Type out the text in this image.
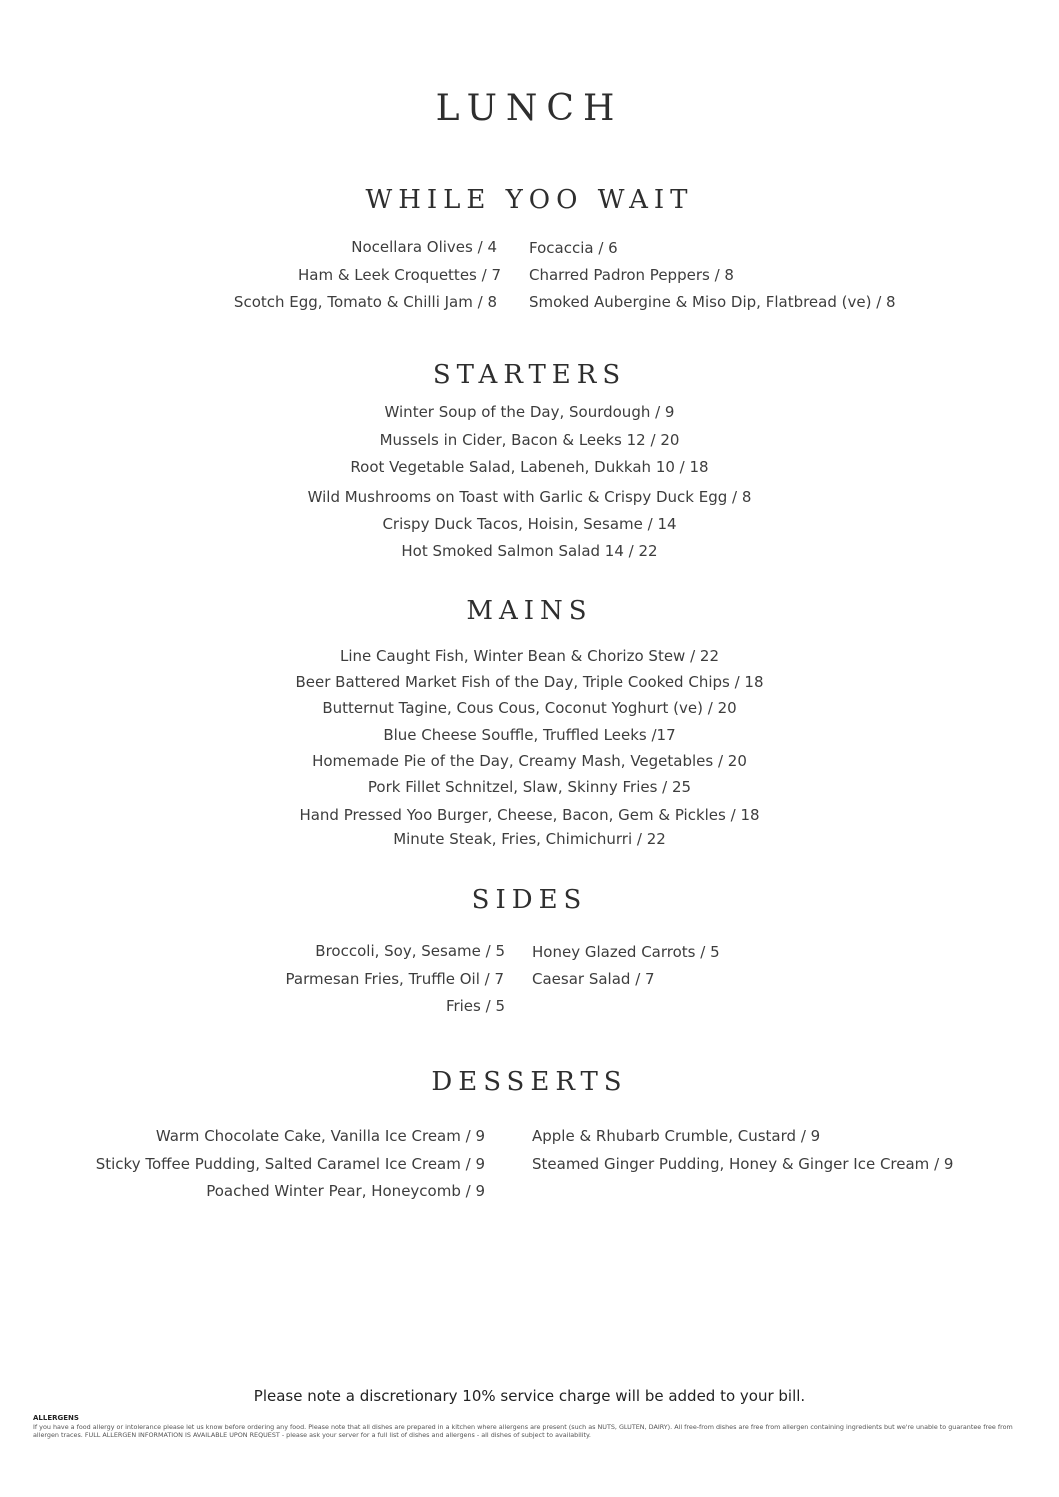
LUNCH
WHILE YOO WAIT
Nocellara Olives / 4
Ham & Leek Croquettes / 7
Scotch Egg, Tomato & Chilli Jam / 8
Focaccia / 6
Charred Padron Peppers / 8
Smoked Aubergine & Miso Dip, Flatbread (ve) / 8
STARTERS
Winter Soup of the Day, Sourdough / 9
Mussels in Cider, Bacon & Leeks 12 / 20
Root Vegetable Salad, Labeneh, Dukkah 10 / 18
Wild Mushrooms on Toast with Garlic & Crispy Duck Egg / 8
Crispy Duck Tacos, Hoisin, Sesame / 14
Hot Smoked Salmon Salad 14 / 22
MAINS
Line Caught Fish, Winter Bean & Chorizo Stew / 22
Beer Battered Market Fish of the Day, Triple Cooked Chips / 18
Butternut Tagine, Cous Cous, Coconut Yoghurt (ve) / 20
Blue Cheese Souffle, Truffled Leeks /17
Homemade Pie of the Day, Creamy Mash, Vegetables / 20
Pork Fillet Schnitzel, Slaw, Skinny Fries / 25
Hand Pressed Yoo Burger, Cheese, Bacon, Gem & Pickles / 18
Minute Steak, Fries, Chimichurri / 22
SIDES
Broccoli, Soy, Sesame / 5
Parmesan Fries, Truffle Oil / 7
Fries / 5
Honey Glazed Carrots / 5
Caesar Salad / 7
DESSERTS
Warm Chocolate Cake, Vanilla Ice Cream / 9
Sticky Toffee Pudding, Salted Caramel Ice Cream / 9
Poached Winter Pear, Honeycomb / 9
Apple & Rhubarb Crumble, Custard / 9
Steamed Ginger Pudding, Honey & Ginger Ice Cream / 9
Please note a discretionary 10% service charge will be added to your bill.
ALLERGENS
If you have a food allergy or intolerance please let us know before ordering any food. Please note that all dishes are prepared in a kitchen where allergens are present (such as NUTS, GLUTEN, DAIRY). All free-from dishes are free from allergen containing ingredients but we're unable to guarantee free from allergen traces. FULL ALLERGEN INFORMATION IS AVAILABLE UPON REQUEST - please ask your server for a full list of dishes and allergens - all dishes of subject to availability.
